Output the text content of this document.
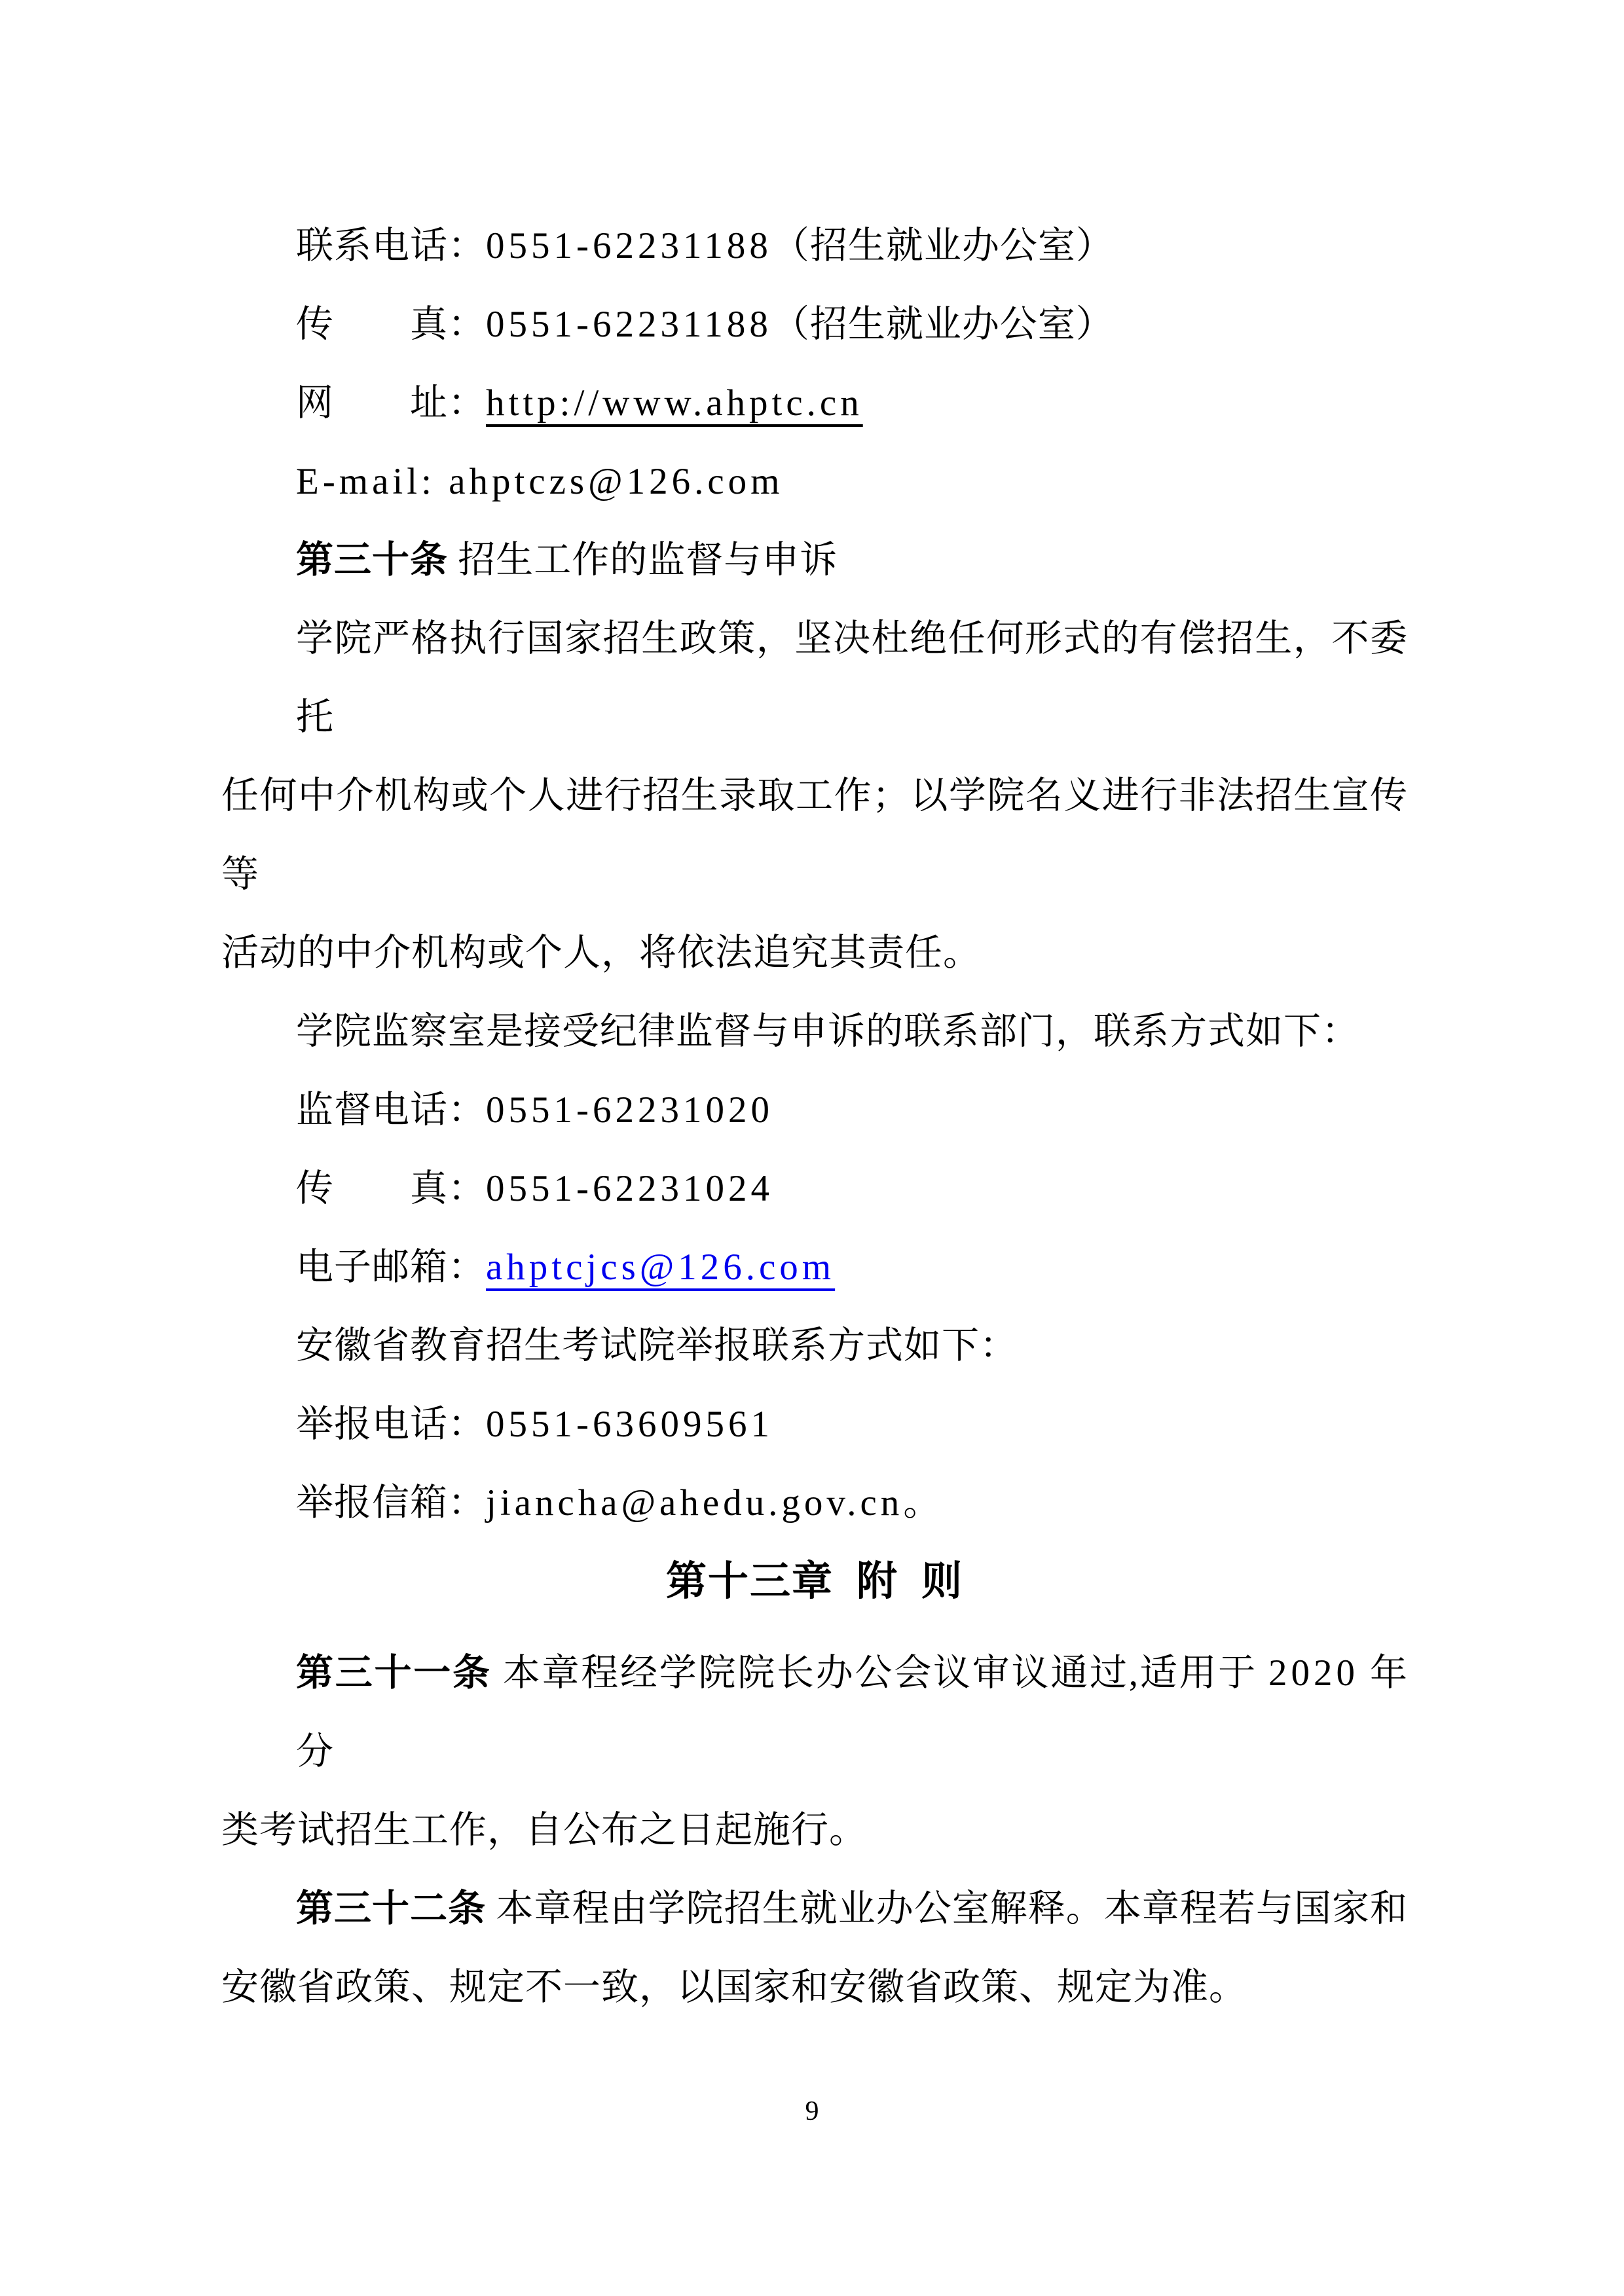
联系电话：0551-62231188（招生就业办公室）
传　　真：0551-62231188（招生就业办公室）
网　　址：http://www.ahptc.cn
E-mail: ahptczs@126.com
第三十条 招生工作的监督与申诉
学院严格执行国家招生政策，坚决杜绝任何形式的有偿招生，不委托
任何中介机构或个人进行招生录取工作；以学院名义进行非法招生宣传等
活动的中介机构或个人，将依法追究其责任。
学院监察室是接受纪律监督与申诉的联系部门，联系方式如下：
监督电话：0551-62231020
传　　真：0551-62231024
电子邮箱：ahptcjcs@126.com
安徽省教育招生考试院举报联系方式如下：
举报电话：0551-63609561
举报信箱：jiancha@ahedu.gov.cn。
第十三章  附  则
第三十一条 本章程经学院院长办公会议审议通过,适用于 2020 年分
类考试招生工作，自公布之日起施行。
第三十二条 本章程由学院招生就业办公室解释。本章程若与国家和
安徽省政策、规定不一致，以国家和安徽省政策、规定为准。
9
